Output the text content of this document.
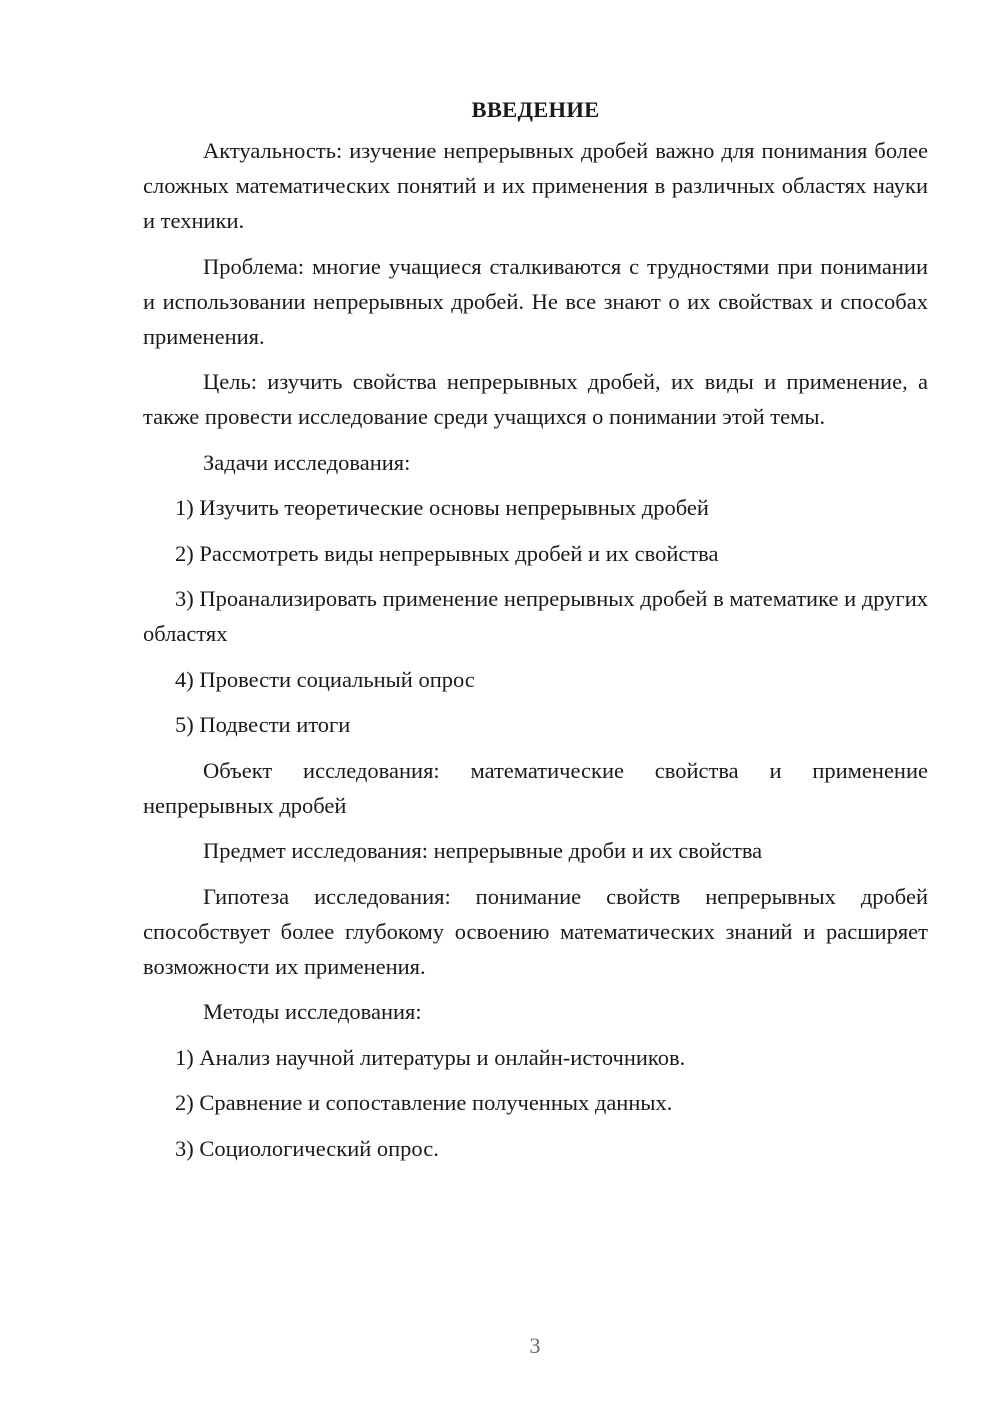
ВВЕДЕНИЕ
Актуальность: изучение непрерывных дробей важно для понимания более сложных математических понятий и их применения в различных областях науки и техники.
Проблема: многие учащиеся сталкиваются с трудностями при понимании и использовании непрерывных дробей. Не все знают о их свойствах и способах применения.
Цель: изучить свойства непрерывных дробей, их виды и применение, а также провести исследование среди учащихся о понимании этой темы.
Задачи исследования:
1) Изучить теоретические основы непрерывных дробей
2) Рассмотреть виды непрерывных дробей и их свойства
3) Проанализировать применение непрерывных дробей в математике и других областях
4) Провести социальный опрос
5) Подвести итоги
Объект исследования: математические свойства и применение непрерывных дробей
Предмет исследования: непрерывные дроби и их свойства
Гипотеза исследования: понимание свойств непрерывных дробей способствует более глубокому освоению математических знаний и расширяет возможности их применения.
Методы исследования:
1) Анализ научной литературы и онлайн-источников.
2) Сравнение и сопоставление полученных данных.
3) Социологический опрос.
3
